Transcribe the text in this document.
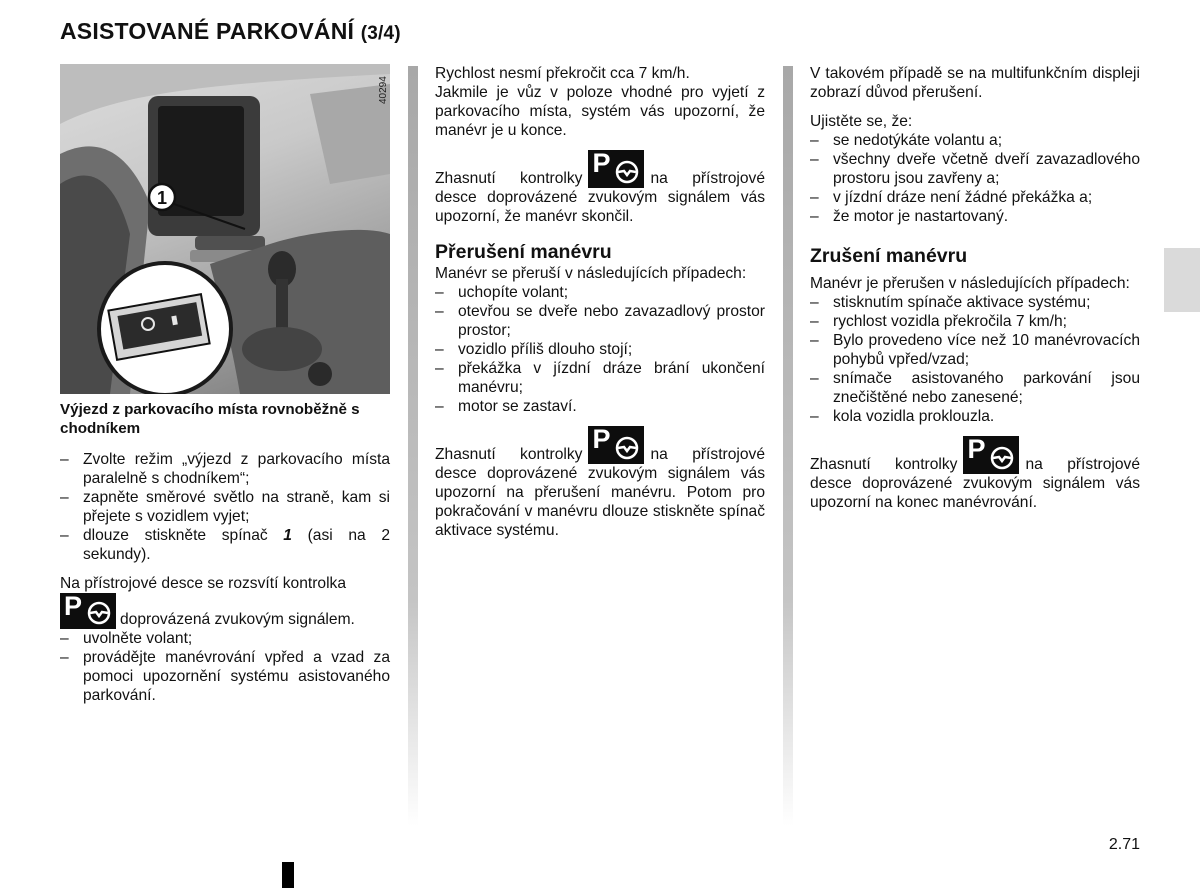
ASISTOVANÉ PARKOVÁNÍ (3/4)
1
40294

Výjezd z parkovacího místa rovnoběžně s chodníkem

– Zvolte režim „výjezd z parkovacího místa paralelně s chodníkem“;
– zapněte směrové světlo na straně, kam si přejete s vozidlem vyjet;
– dlouze stiskněte spínač 1 (asi na 2 sekundy).

Na přístrojové desce se rozsvítí kontrolka

P doprovázená zvukovým signálem.

– uvolněte volant;
– provádějte manévrování vpřed a vzad za pomoci upozornění systému asistovaného parkování.

Rychlost nesmí překročit cca 7 km/h.

Jakmile je vůz v poloze vhodné pro vyjetí z parkovacího místa, systém vás upozorní, že manévr je u konce.

Zhasnutí kontrolky
P
na přístrojové desce doprovázené zvukovým signálem vás upozorní, že manévr skončil.

Přerušení manévru

Manévr se přeruší v následujících případech:

– uchopíte volant;
– otevřou se dveře nebo zavazadlový prostor prostor;
– vozidlo příliš dlouho stojí;
– překážka v jízdní dráze brání ukončení manévru;
– motor se zastaví.

Zhasnutí kontrolky
P
na přístrojové desce doprovázené zvukovým signálem vás upozorní na přerušení manévru. Potom pro pokračování v manévru dlouze stiskněte spínač aktivace systému.

V takovém případě se na multifunkčním displeji zobrazí důvod přerušení.

Ujistěte se, že:

– se nedotýkáte volantu a;
– všechny dveře včetně dveří zavazadlového prostoru jsou zavřeny a;
– v jízdní dráze není žádné překážka a;
– že motor je nastartovaný.
Zrušení manévru

Manévr je přerušen v následujících případech:

– stisknutím spínače aktivace systému;
– rychlost vozidla překročila 7 km/h;
– Bylo provedeno více než 10 manévrovacích pohybů vpřed/vzad;
– snímače asistovaného parkování jsou znečištěné nebo zanesené;
– kola vozidla proklouzla.

Zhasnutí kontrolky
P
na přístrojové desce doprovázené zvukovým signálem vás upozorní na konec manévrování.

2.71
